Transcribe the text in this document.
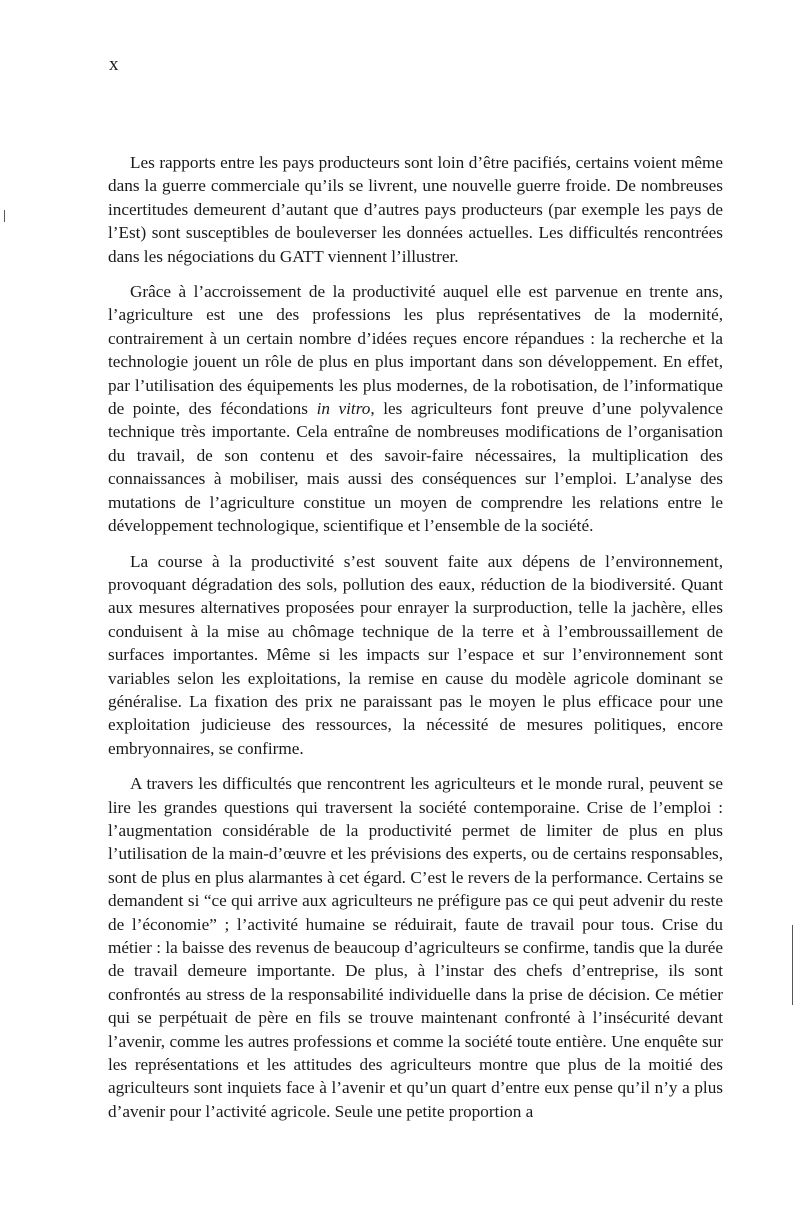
x

Les rapports entre les pays producteurs sont loin d’être pacifiés, certains voient même dans la guerre commerciale qu’ils se livrent, une nouvelle guerre froide. De nombreuses incertitudes demeurent d’autant que d’autres pays producteurs (par exemple les pays de l’Est) sont susceptibles de bouleverser les données actuelles. Les difficultés rencontrées dans les négociations du GATT viennent l’illustrer.

Grâce à l’accroissement de la productivité auquel elle est parvenue en trente ans, l’agriculture est une des professions les plus représentatives de la modernité, contrairement à un certain nombre d’idées reçues encore répandues : la recherche et la technologie jouent un rôle de plus en plus important dans son développement. En effet, par l’utilisation des équipements les plus modernes, de la robotisation, de l’informatique de pointe, des fécondations in vitro, les agriculteurs font preuve d’une polyvalence technique très importante. Cela entraîne de nombreuses modifications de l’organisation du travail, de son contenu et des savoir-faire nécessaires, la multiplication des connaissances à mobiliser, mais aussi des conséquences sur l’emploi. L’analyse des mutations de l’agriculture constitue un moyen de comprendre les relations entre le développement technologique, scientifique et l’ensemble de la société.

La course à la productivité s’est souvent faite aux dépens de l’environnement, provoquant dégradation des sols, pollution des eaux, réduction de la biodiversité. Quant aux mesures alternatives proposées pour enrayer la surproduction, telle la jachère, elles conduisent à la mise au chômage technique de la terre et à l’embroussaillement de surfaces importantes. Même si les impacts sur l’espace et sur l’environnement sont variables selon les exploitations, la remise en cause du modèle agricole dominant se généralise. La fixation des prix ne paraissant pas le moyen le plus efficace pour une exploitation judicieuse des ressources, la nécessité de mesures politiques, encore embryonnaires, se confirme.

A travers les difficultés que rencontrent les agriculteurs et le monde rural, peuvent se lire les grandes questions qui traversent la société contemporaine. Crise de l’emploi : l’augmentation considérable de la productivité permet de limiter de plus en plus l’utilisation de la main-d’œuvre et les prévisions des experts, ou de certains responsables, sont de plus en plus alarmantes à cet égard. C’est le revers de la performance. Certains se demandent si “ce qui arrive aux agriculteurs ne préfigure pas ce qui peut advenir du reste de l’économie” ; l’activité humaine se réduirait, faute de travail pour tous. Crise du métier : la baisse des revenus de beaucoup d’agriculteurs se confirme, tandis que la durée de travail demeure importante. De plus, à l’instar des chefs d’entreprise, ils sont confrontés au stress de la responsabilité individuelle dans la prise de décision. Ce métier qui se perpétuait de père en fils se trouve maintenant confronté à l’insécurité devant l’avenir, comme les autres professions et comme la société toute entière. Une enquête sur les représentations et les attitudes des agriculteurs montre que plus de la moitié des agriculteurs sont inquiets face à l’avenir et qu’un quart d’entre eux pense qu’il n’y a plus d’avenir pour l’activité agricole. Seule une petite proportion a
